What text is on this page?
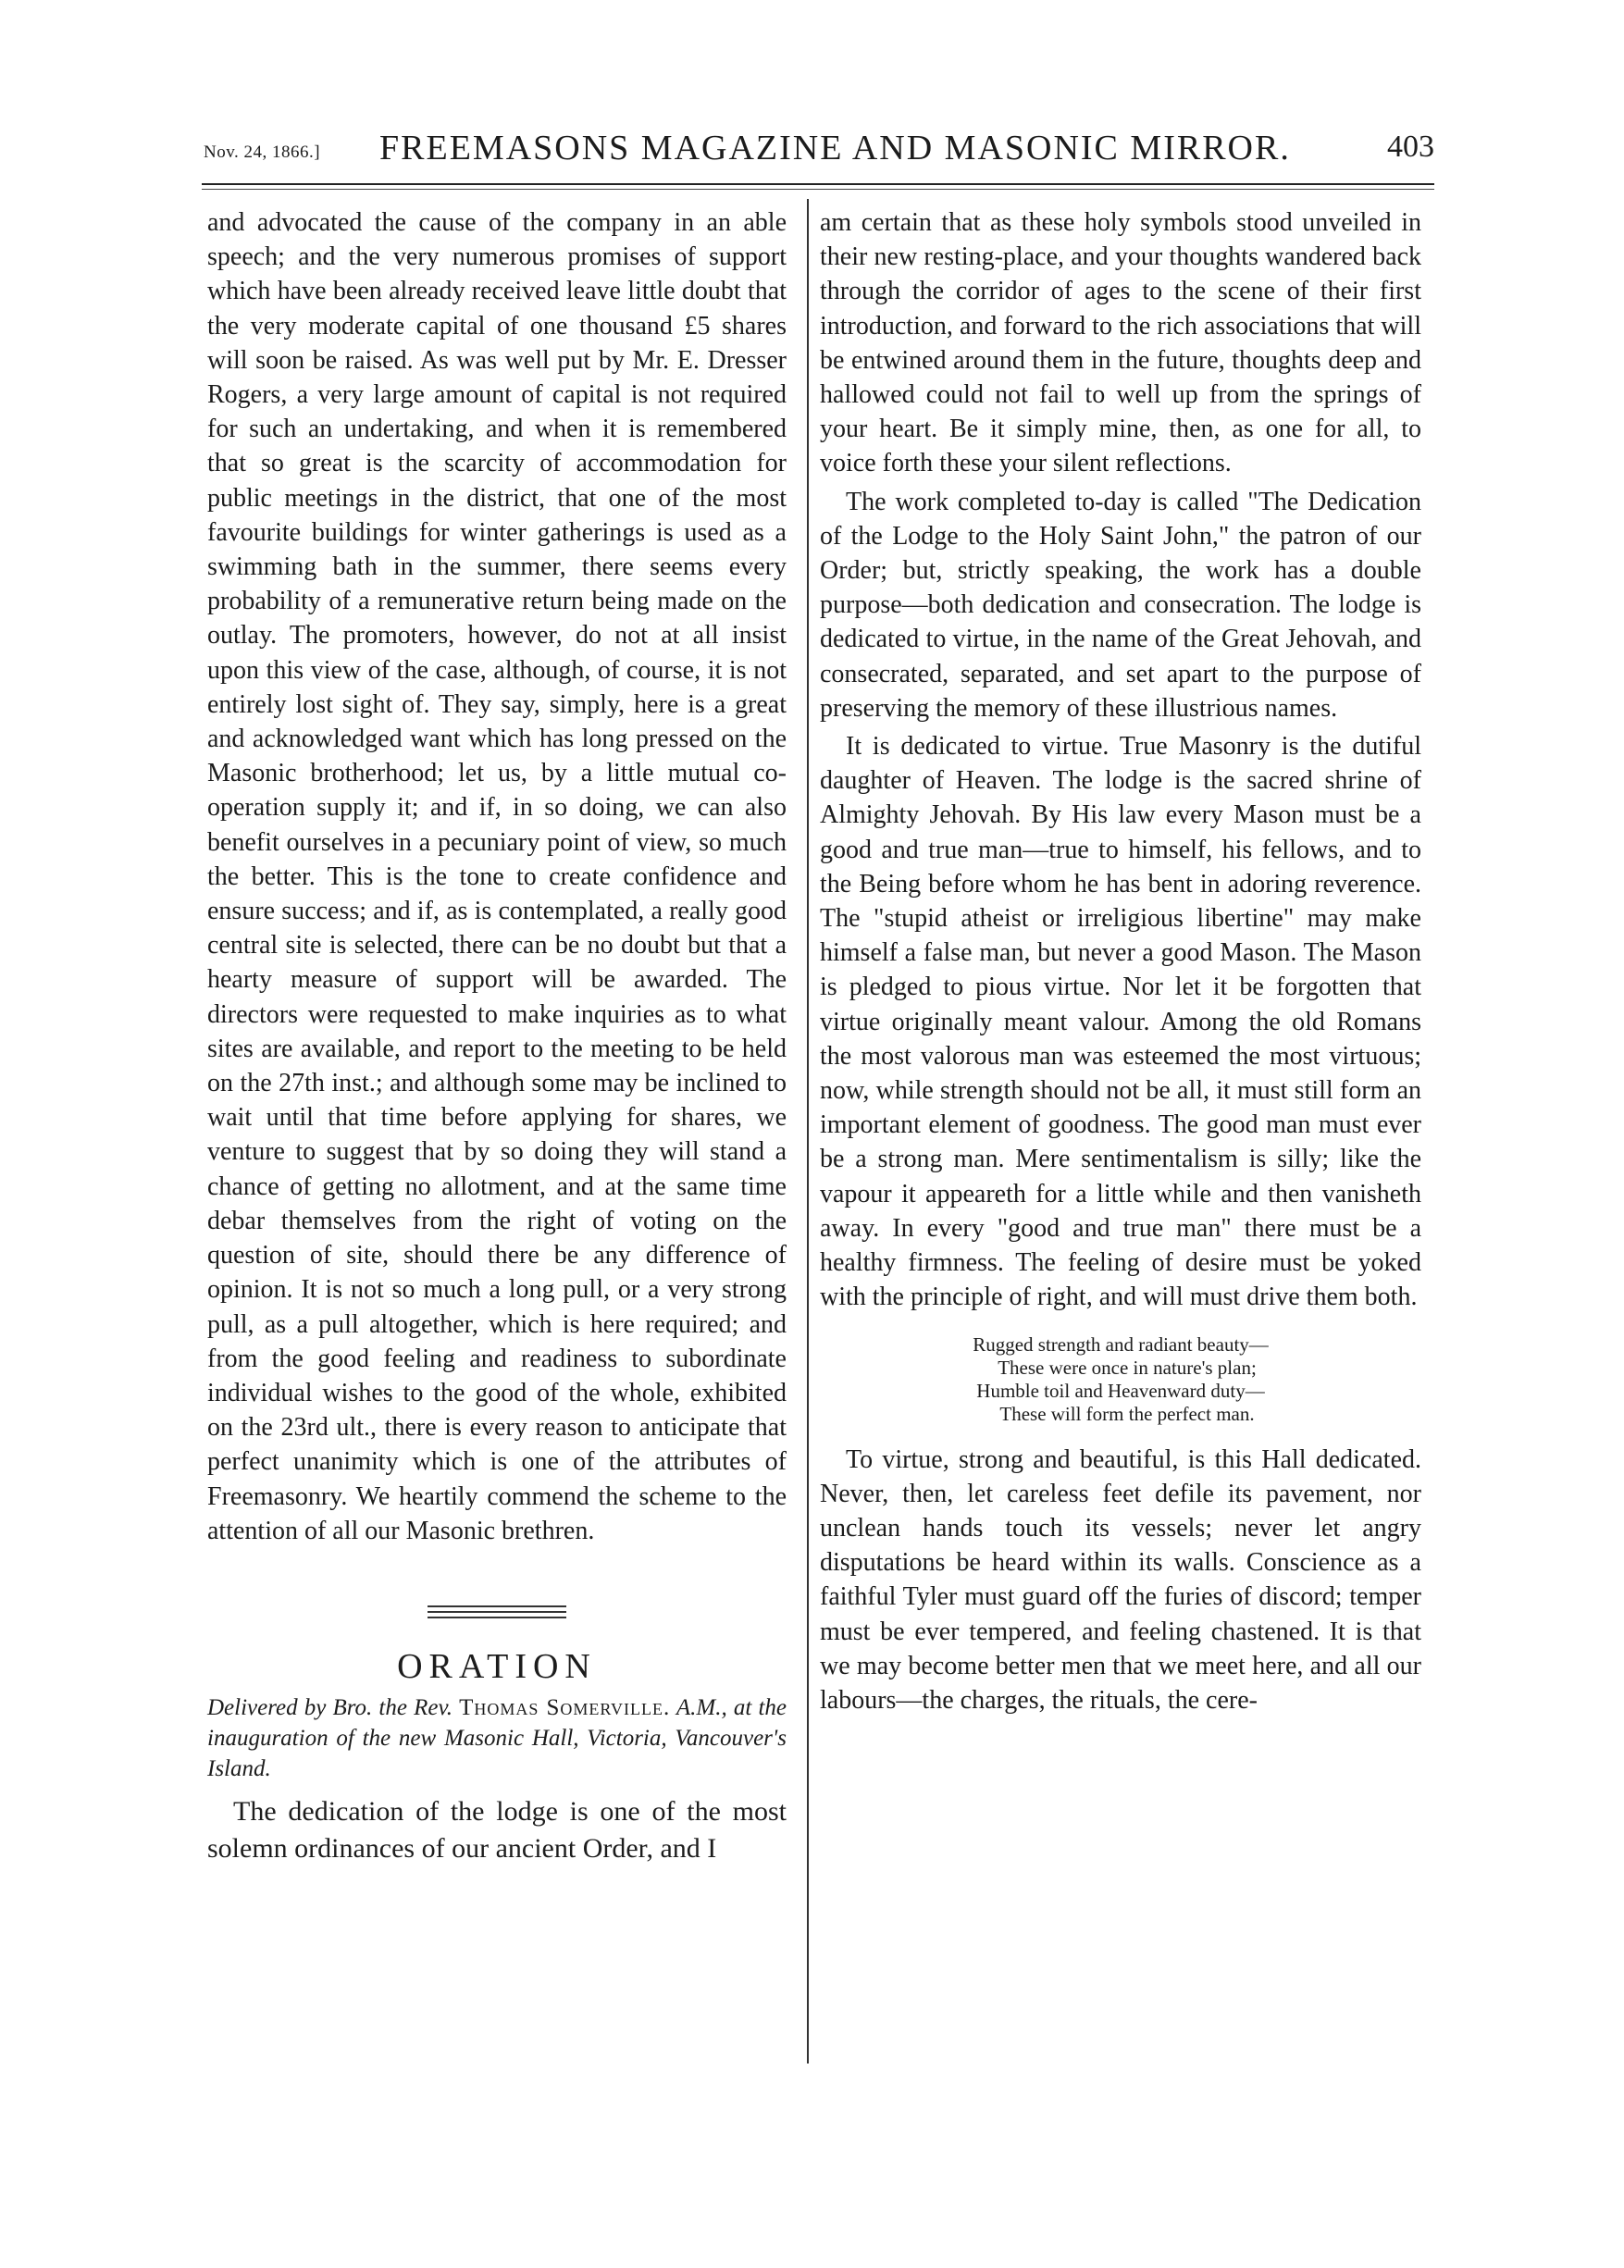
Nov. 24, 1866.] FREEMASONS MAGAZINE AND MASONIC MIRROR.	403

and advocated the cause of the company in an able speech; and the very numerous promises of support which have been already received leave little doubt that the very moderate capital of one thousand £5 shares will soon be raised. As was well put by Mr. E. Dresser Rogers, a very large amount of capital is not required for such an undertaking, and when it is remembered that so great is the scarcity of accommodation for public meetings in the district, that one of the most favourite buildings for winter gatherings is used as a swimming bath in the summer, there seems every probability of a remunerative return being made on the outlay. The promoters, however, do not at all insist upon this view of the case, although, of course, it is not entirely lost sight of. They say, simply, here is a great and acknowledged want which has long pressed on the Masonic brotherhood; let us, by a little mutual co-operation supply it; and if, in so doing, we can also benefit ourselves in a pecuniary point of view, so much the better. This is the tone to create confidence and ensure success; and if, as is contemplated, a really good central site is selected, there can be no doubt but that a hearty measure of support will be awarded. The directors were requested to make inquiries as to what sites are available, and report to the meeting to be held on the 27th inst.; and although some may be inclined to wait until that time before applying for shares, we venture to suggest that by so doing they will stand a chance of getting no allotment, and at the same time debar themselves from the right of voting on the question of site, should there be any difference of opinion. It is not so much a long pull, or a very strong pull, as a pull altogether, which is here required; and from the good feeling and readiness to subordinate individual wishes to the good of the whole, exhibited on the 23rd ult., there is every reason to anticipate that perfect unanimity which is one of the attributes of Freemasonry. We heartily commend the scheme to the attention of all our Masonic brethren.

ORATION
Delivered by Bro. the Rev. Thomas Somerville. A.M., at the inauguration of the new Masonic Hall, Victoria, Vancouver's Island.

The dedication of the lodge is one of the most solemn ordinances of our ancient Order, and I

am certain that as these holy symbols stood unveiled in their new resting-place, and your thoughts wandered back through the corridor of ages to the scene of their first introduction, and forward to the rich associations that will be entwined around them in the future, thoughts deep and hallowed could not fail to well up from the springs of your heart. Be it simply mine, then, as one for all, to voice forth these your silent reflections.

The work completed to-day is called "The Dedication of the Lodge to the Holy Saint John," the patron of our Order; but, strictly speaking, the work has a double purpose—both dedication and consecration. The lodge is dedicated to virtue, in the name of the Great Jehovah, and consecrated, separated, and set apart to the purpose of preserving the memory of these illustrious names.

It is dedicated to virtue. True Masonry is the dutiful daughter of Heaven. The lodge is the sacred shrine of Almighty Jehovah. By His law every Mason must be a good and true man—true to himself, his fellows, and to the Being before whom he has bent in adoring reverence. The "stupid atheist or irreligious libertine" may make himself a false man, but never a good Mason. The Mason is pledged to pious virtue. Nor let it be forgotten that virtue originally meant valour. Among the old Romans the most valorous man was esteemed the most virtuous; now, while strength should not be all, it must still form an important element of goodness. The good man must ever be a strong man. Mere sentimentalism is silly; like the vapour it appeareth for a little while and then vanisheth away. In every "good and true man" there must be a healthy firmness. The feeling of desire must be yoked with the principle of right, and will must drive them both.

Rugged strength and radiant beauty—
These were once in nature's plan;
Humble toil and Heavenward duty—
These will form the perfect man.

To virtue, strong and beautiful, is this Hall dedicated. Never, then, let careless feet defile its pavement, nor unclean hands touch its vessels; never let angry disputations be heard within its walls. Conscience as a faithful Tyler must guard off the furies of discord; temper must be ever tempered, and feeling chastened. It is that we may become better men that we meet here, and all our labours—the charges, the rituals, the cere-
